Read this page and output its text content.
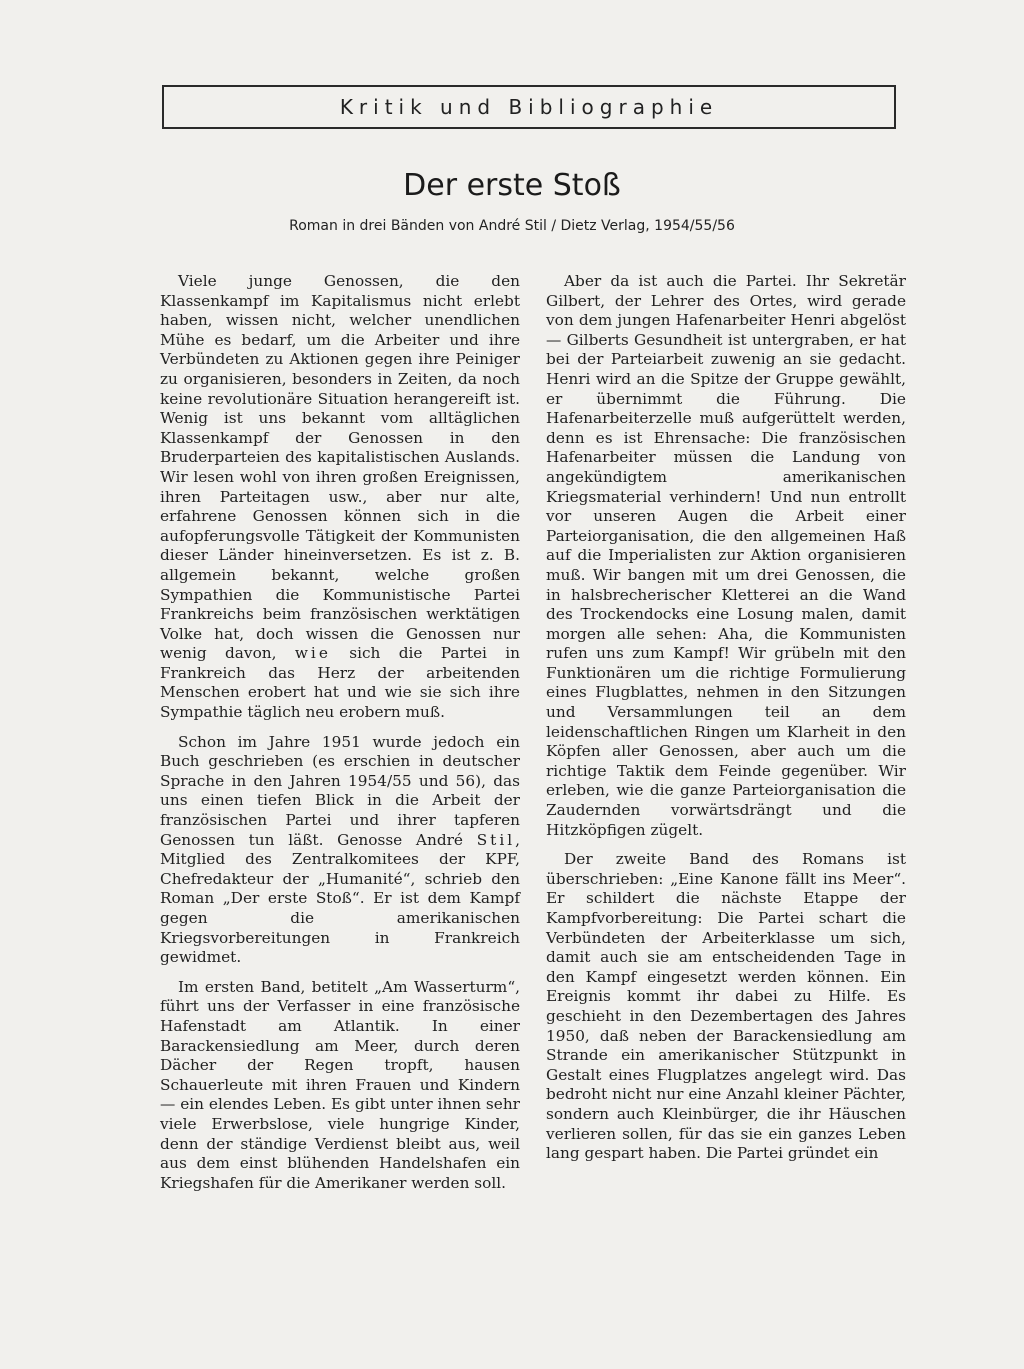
Kritik und Bibliographie
Der erste Stoß
Roman in drei Bänden von André Stil / Dietz Verlag, 1954/55/56

Viele junge Genossen, die den Klassenkampf im Kapitalismus nicht erlebt haben, wissen nicht, welcher unendlichen Mühe es bedarf, um die Arbeiter und ihre Verbündeten zu Aktionen gegen ihre Peiniger zu organisieren, besonders in Zeiten, da noch keine revolutionäre Situation herangereift ist. Wenig ist uns bekannt vom alltäglichen Klassenkampf der Genossen in den Bruderparteien des kapitalistischen Auslands. Wir lesen wohl von ihren großen Ereignissen, ihren Parteitagen usw., aber nur alte, erfahrene Genossen können sich in die aufopferungsvolle Tätigkeit der Kommunisten dieser Länder hineinversetzen. Es ist z. B. allgemein bekannt, welche großen Sympathien die Kommunistische Partei Frankreichs beim französischen werktätigen Volke hat, doch wissen die Genossen nur wenig davon, wie sich die Partei in Frankreich das Herz der arbeitenden Menschen erobert hat und wie sie sich ihre Sympathie täglich neu erobern muß.

Schon im Jahre 1951 wurde jedoch ein Buch geschrieben (es erschien in deutscher Sprache in den Jahren 1954/55 und 56), das uns einen tiefen Blick in die Arbeit der französischen Partei und ihrer tapferen Genossen tun läßt. Genosse André Stil, Mitglied des Zentralkomitees der KPF, Chefredakteur der „Humanité“, schrieb den Roman „Der erste Stoß“. Er ist dem Kampf gegen die amerikanischen Kriegsvorbereitungen in Frankreich gewidmet.

Im ersten Band, betitelt „Am Wasserturm“, führt uns der Verfasser in eine französische Hafenstadt am Atlantik. In einer Barackensiedlung am Meer, durch deren Dächer der Regen tropft, hausen Schauerleute mit ihren Frauen und Kindern — ein elendes Leben. Es gibt unter ihnen sehr viele Erwerbslose, viele hungrige Kinder, denn der ständige Verdienst bleibt aus, weil aus dem einst blühenden Handelshafen ein Kriegshafen für die Amerikaner werden soll.

Aber da ist auch die Partei. Ihr Sekretär Gilbert, der Lehrer des Ortes, wird gerade von dem jungen Hafenarbeiter Henri abgelöst — Gilberts Gesundheit ist untergraben, er hat bei der Parteiarbeit zuwenig an sie gedacht. Henri wird an die Spitze der Gruppe gewählt, er übernimmt die Führung. Die Hafenarbeiterzelle muß aufgerüttelt werden, denn es ist Ehrensache: Die französischen Hafenarbeiter müssen die Landung von angekündigtem amerikanischen Kriegsmaterial verhindern! Und nun entrollt vor unseren Augen die Arbeit einer Parteiorganisation, die den allgemeinen Haß auf die Imperialisten zur Aktion organisieren muß. Wir bangen mit um drei Genossen, die in halsbrecherischer Kletterei an die Wand des Trockendocks eine Losung malen, damit morgen alle sehen: Aha, die Kommunisten rufen uns zum Kampf! Wir grübeln mit den Funktionären um die richtige Formulierung eines Flugblattes, nehmen in den Sitzungen und Versammlungen teil an dem leidenschaftlichen Ringen um Klarheit in den Köpfen aller Genossen, aber auch um die richtige Taktik dem Feinde gegenüber. Wir erleben, wie die ganze Parteiorganisation die Zaudernden vorwärtsdrängt und die Hitzköpfigen zügelt.

Der zweite Band des Romans ist überschrieben: „Eine Kanone fällt ins Meer“. Er schildert die nächste Etappe der Kampfvorbereitung: Die Partei schart die Verbündeten der Arbeiterklasse um sich, damit auch sie am entscheidenden Tage in den Kampf eingesetzt werden können. Ein Ereignis kommt ihr dabei zu Hilfe. Es geschieht in den Dezembertagen des Jahres 1950, daß neben der Barackensiedlung am Strande ein amerikanischer Stützpunkt in Gestalt eines Flugplatzes angelegt wird. Das bedroht nicht nur eine Anzahl kleiner Pächter, sondern auch Kleinbürger, die ihr Häuschen verlieren sollen, für das sie ein ganzes Leben lang gespart haben. Die Partei gründet ein
